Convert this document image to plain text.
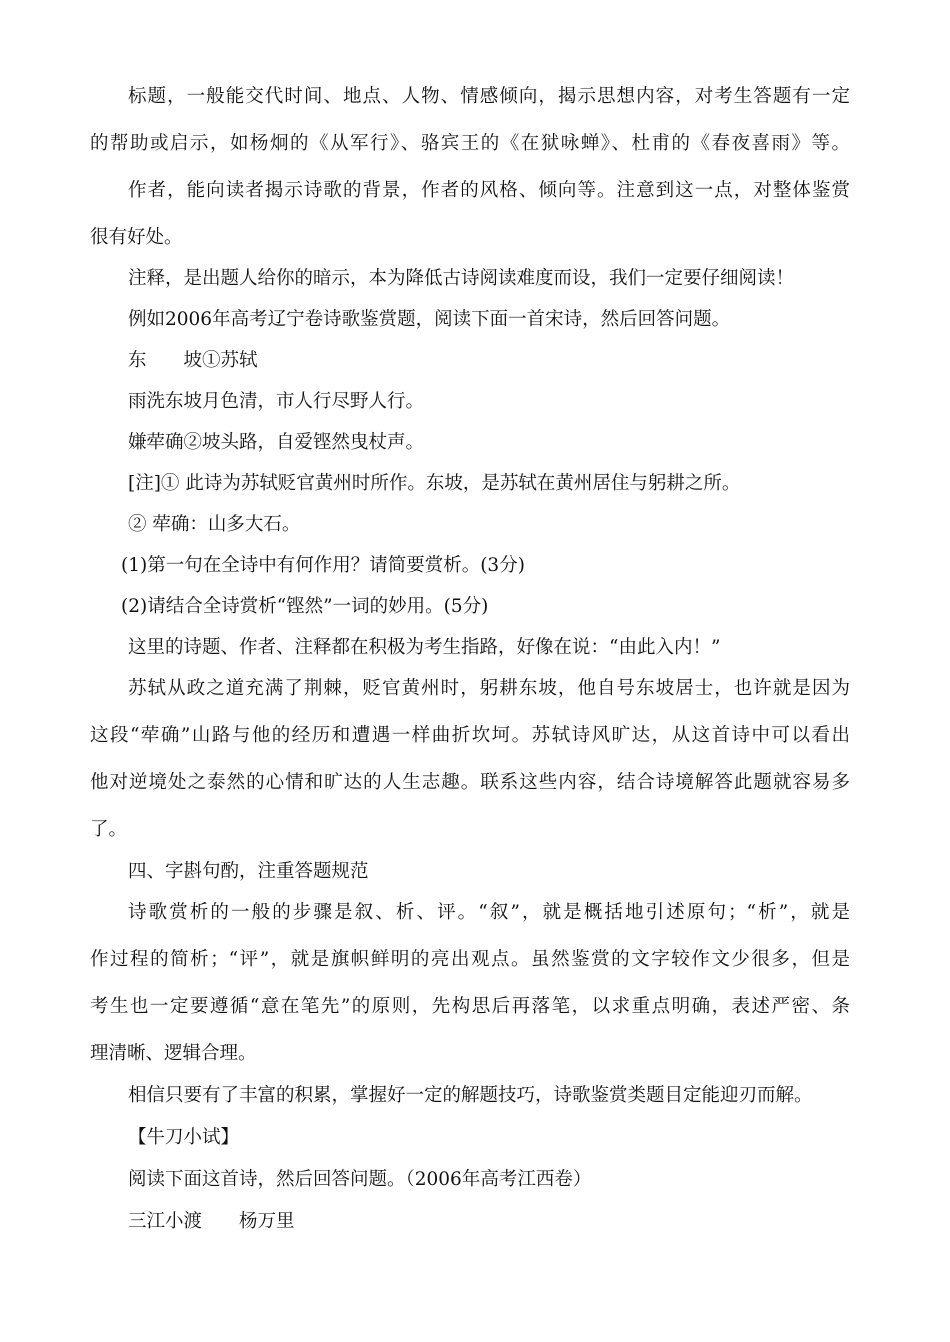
标题，一般能交代时间、地点、人物、情感倾向，揭示思想内容，对考生答题有一定
的帮助或启示，如杨炯的《从军行》、骆宾王的《在狱咏蝉》、杜甫的《春夜喜雨》等。
作者，能向读者揭示诗歌的背景，作者的风格、倾向等。注意到这一点，对整体鉴赏
很有好处。
注释，是出题人给你的暗示，本为降低古诗阅读难度而设，我们一定要仔细阅读！
例如2006年高考辽宁卷诗歌鉴赏题，阅读下面一首宋诗，然后回答问题。
东　　坡①苏轼
雨洗东坡月色清，市人行尽野人行。
嫌荦确②坡头路，自爱铿然曳杖声。
[注]① 此诗为苏轼贬官黄州时所作。东坡，是苏轼在黄州居住与躬耕之所。
② 荦确：山多大石。
(1)第一句在全诗中有何作用？请简要赏析。(3分)
(2)请结合全诗赏析“铿然”一词的妙用。(5分)
这里的诗题、作者、注释都在积极为考生指路，好像在说：“由此入内！”
苏轼从政之道充满了荆棘，贬官黄州时，躬耕东坡，他自号东坡居士，也许就是因为
这段“荦确”山路与他的经历和遭遇一样曲折坎坷。苏轼诗风旷达，从这首诗中可以看出
他对逆境处之泰然的心情和旷达的人生志趣。联系这些内容，结合诗境解答此题就容易多
了。
四、字斟句酌，注重答题规范
诗歌赏析的一般的步骤是叙、析、评。“叙”，就是概括地引述原句；“析”，就是
作过程的简析；“评”，就是旗帜鲜明的亮出观点。虽然鉴赏的文字较作文少很多，但是
考生也一定要遵循“意在笔先”的原则，先构思后再落笔，以求重点明确，表述严密、条
理清晰、逻辑合理。
相信只要有了丰富的积累，掌握好一定的解题技巧，诗歌鉴赏类题目定能迎刃而解。
【牛刀小试】
阅读下面这首诗，然后回答问题。（2006年高考江西卷）
三江小渡　　杨万里
